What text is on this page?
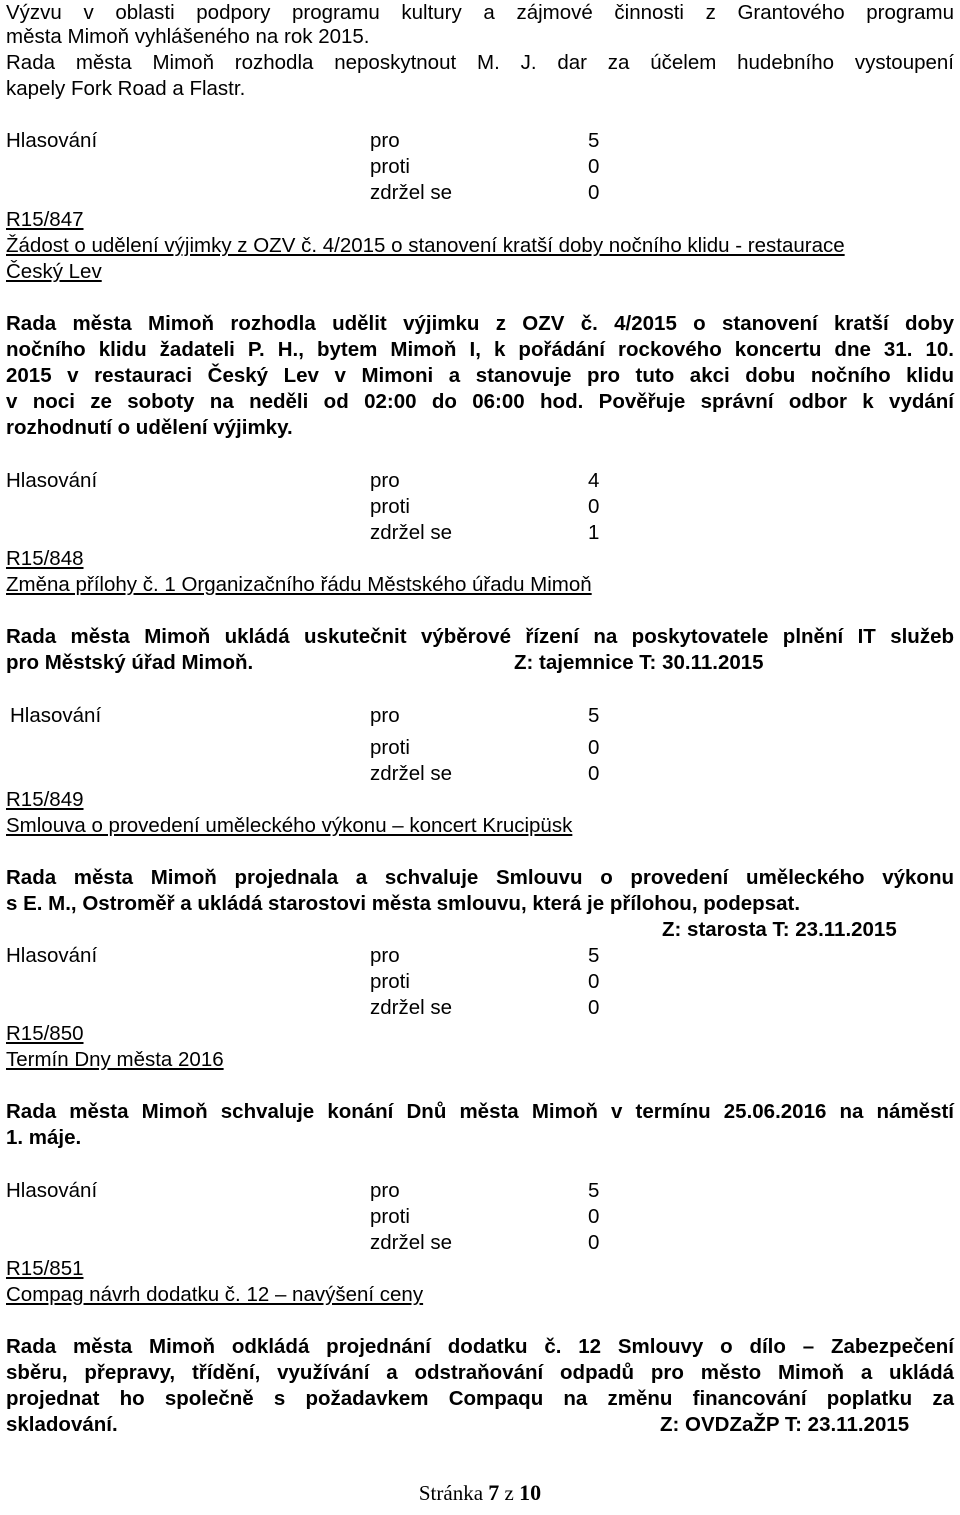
Výzvu v oblasti podpory programu kultury a zájmové činnosti z Grantového programu
města Mimoň vyhlášeného na rok 2015.
Rada města Mimoň rozhodla neposkytnout M. J. dar za účelem hudebního vystoupení
kapely Fork Road a Flastr.
Hlasování	pro	5
proti	0
zdržel se	0
R15/847
Žádost o udělení výjimky z OZV č. 4/2015 o stanovení kratší doby nočního klidu - restaurace
Český Lev
Rada města Mimoň rozhodla udělit výjimku z OZV č. 4/2015 o stanovení kratší doby
nočního klidu žadateli P. H., bytem Mimoň I, k pořádání rockového koncertu dne 31. 10.
2015 v restauraci Český Lev v Mimoni a stanovuje pro tuto akci dobu nočního klidu
v noci ze soboty na neděli od 02:00 do 06:00 hod. Pověřuje správní odbor k vydání
rozhodnutí o udělení výjimky.
Hlasování	pro	4
proti	0
zdržel se	1
R15/848
Změna přílohy č. 1 Organizačního řádu Městského úřadu Mimoň
Rada města Mimoň ukládá uskutečnit výběrové řízení na poskytovatele plnění IT služeb
pro Městský úřad Mimoň.	Z: tajemnice T: 30.11.2015
Hlasování	pro	5
proti	0
zdržel se	0
R15/849
Smlouva o provedení uměleckého výkonu – koncert Krucipüsk
Rada města Mimoň projednala a schvaluje Smlouvu o provedení uměleckého výkonu
s E. M., Ostroměř a ukládá starostovi města smlouvu, která je přílohou, podepsat.
Z: starosta T: 23.11.2015
Hlasování	pro	5
proti	0
zdržel se	0
R15/850
Termín Dny města 2016
Rada města Mimoň schvaluje konání Dnů města Mimoň v termínu 25.06.2016 na náměstí
1. máje.
Hlasování	pro	5
proti	0
zdržel se	0
R15/851
Compag návrh dodatku č. 12 – navýšení ceny
Rada města Mimoň odkládá projednání dodatku č. 12 Smlouvy o dílo – Zabezpečení
sběru, přepravy, třídění, využívání a odstraňování odpadů pro město Mimoň a ukládá
projednat ho společně s požadavkem Compaqu na změnu financování poplatku za
skladování.	Z: OVDZaŽP T: 23.11.2015
Stránka 7 z 10
